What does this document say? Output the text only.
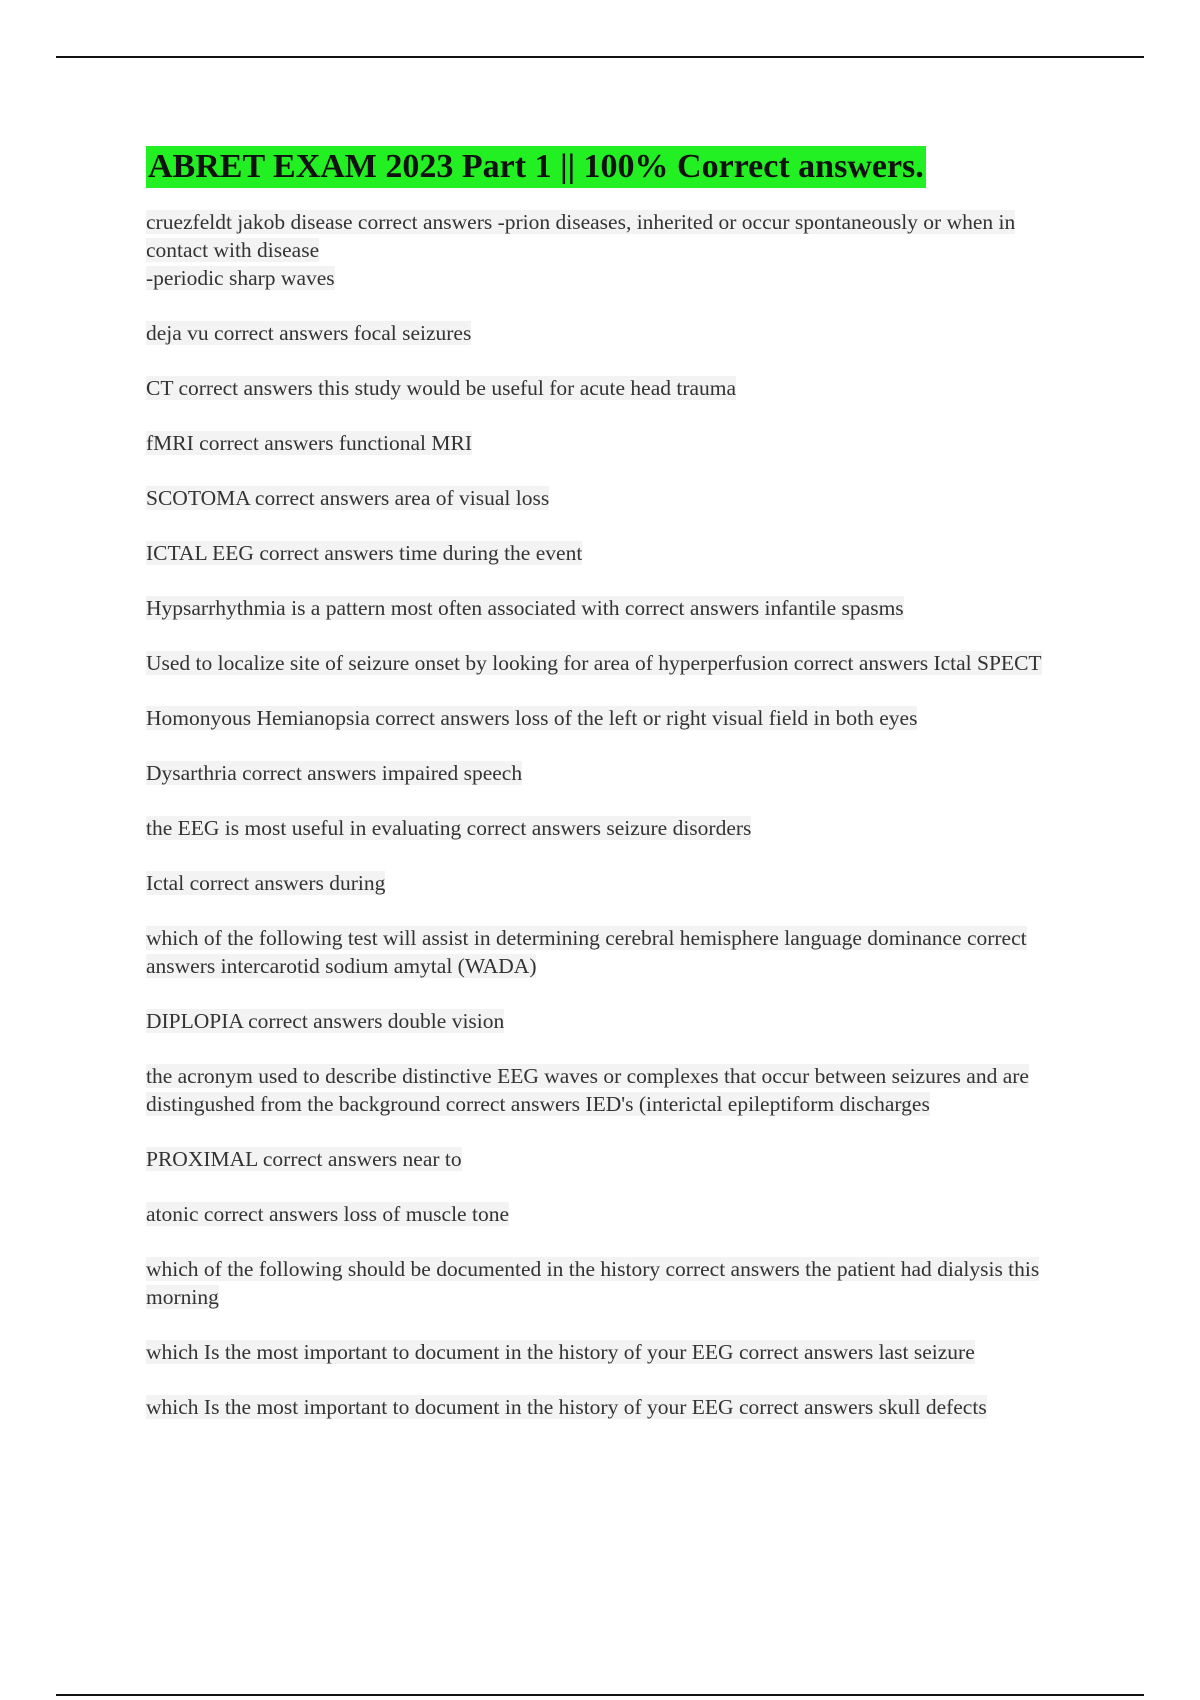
ABRET EXAM 2023 Part 1 || 100% Correct answers.
cruezfeldt jakob disease correct answers -prion diseases, inherited or occur spontaneously or when in contact with disease
-periodic sharp waves
deja vu correct answers focal seizures
CT correct answers this study would be useful for acute head trauma
fMRI correct answers functional MRI
SCOTOMA correct answers area of visual loss
ICTAL EEG correct answers time during the event
Hypsarrhythmia is a pattern most often associated with correct answers infantile spasms
Used to localize site of seizure onset by looking for area of hyperperfusion correct answers Ictal SPECT
Homonyous Hemianopsia correct answers loss of the left or right visual field in both eyes
Dysarthria correct answers impaired speech
the EEG is most useful in evaluating correct answers seizure disorders
Ictal correct answers during
which of the following test will assist in determining cerebral hemisphere language dominance correct answers intercarotid sodium amytal (WADA)
DIPLOPIA correct answers double vision
the acronym used to describe distinctive EEG waves or complexes that occur between seizures and are distingushed from the background correct answers IED's (interictal epileptiform discharges
PROXIMAL correct answers near to
atonic correct answers loss of muscle tone
which of the following should be documented in the history correct answers the patient had dialysis this morning
which Is the most important to document in the history of your EEG correct answers last seizure
which Is the most important to document in the history of your EEG correct answers skull defects
